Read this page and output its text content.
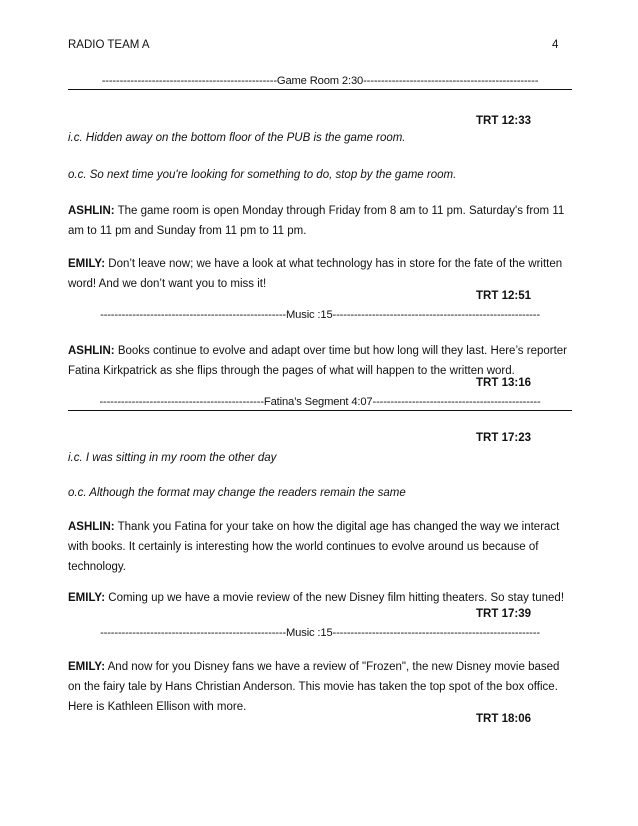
RADIO TEAM A	4
-------------------------------------------------Game Room 2:30-------------------------------------------------
TRT 12:33

i.c. Hidden away on the bottom floor of the PUB is the game room.

o.c. So next time you're looking for something to do, stop by the game room.

ASHLIN: The game room is open Monday through Friday from 8 am to 11 pm. Saturday's from 11 am to 11 pm and Sunday from 11 pm to 11 pm.

EMILY: Don’t leave now; we have a look at what technology has in store for the fate of the written word! And we don’t want you to miss it!

TRT 12:51
----------------------------------------------------Music :15----------------------------------------------------------

ASHLIN: Books continue to evolve and adapt over time but how long will they last. Here’s reporter Fatina Kirkpatrick as she flips through the pages of what will happen to the written word.

TRT 13:16
----------------------------------------------Fatina’s Segment 4:07-----------------------------------------------
TRT 17:23

i.c. I was sitting in my room the other day

o.c. Although the format may change the readers remain the same

ASHLIN: Thank you Fatina for your take on how the digital age has changed the way we interact with books. It certainly is interesting how the world continues to evolve around us because of technology.

EMILY: Coming up we have a movie review of the new Disney film hitting theaters. So stay tuned!

TRT 17:39
----------------------------------------------------Music :15----------------------------------------------------------

EMILY: And now for you Disney fans we have a review of "Frozen", the new Disney movie based on the fairy tale by Hans Christian Anderson. This movie has taken the top spot of the box office. Here is Kathleen Ellison with more.

TRT 18:06
